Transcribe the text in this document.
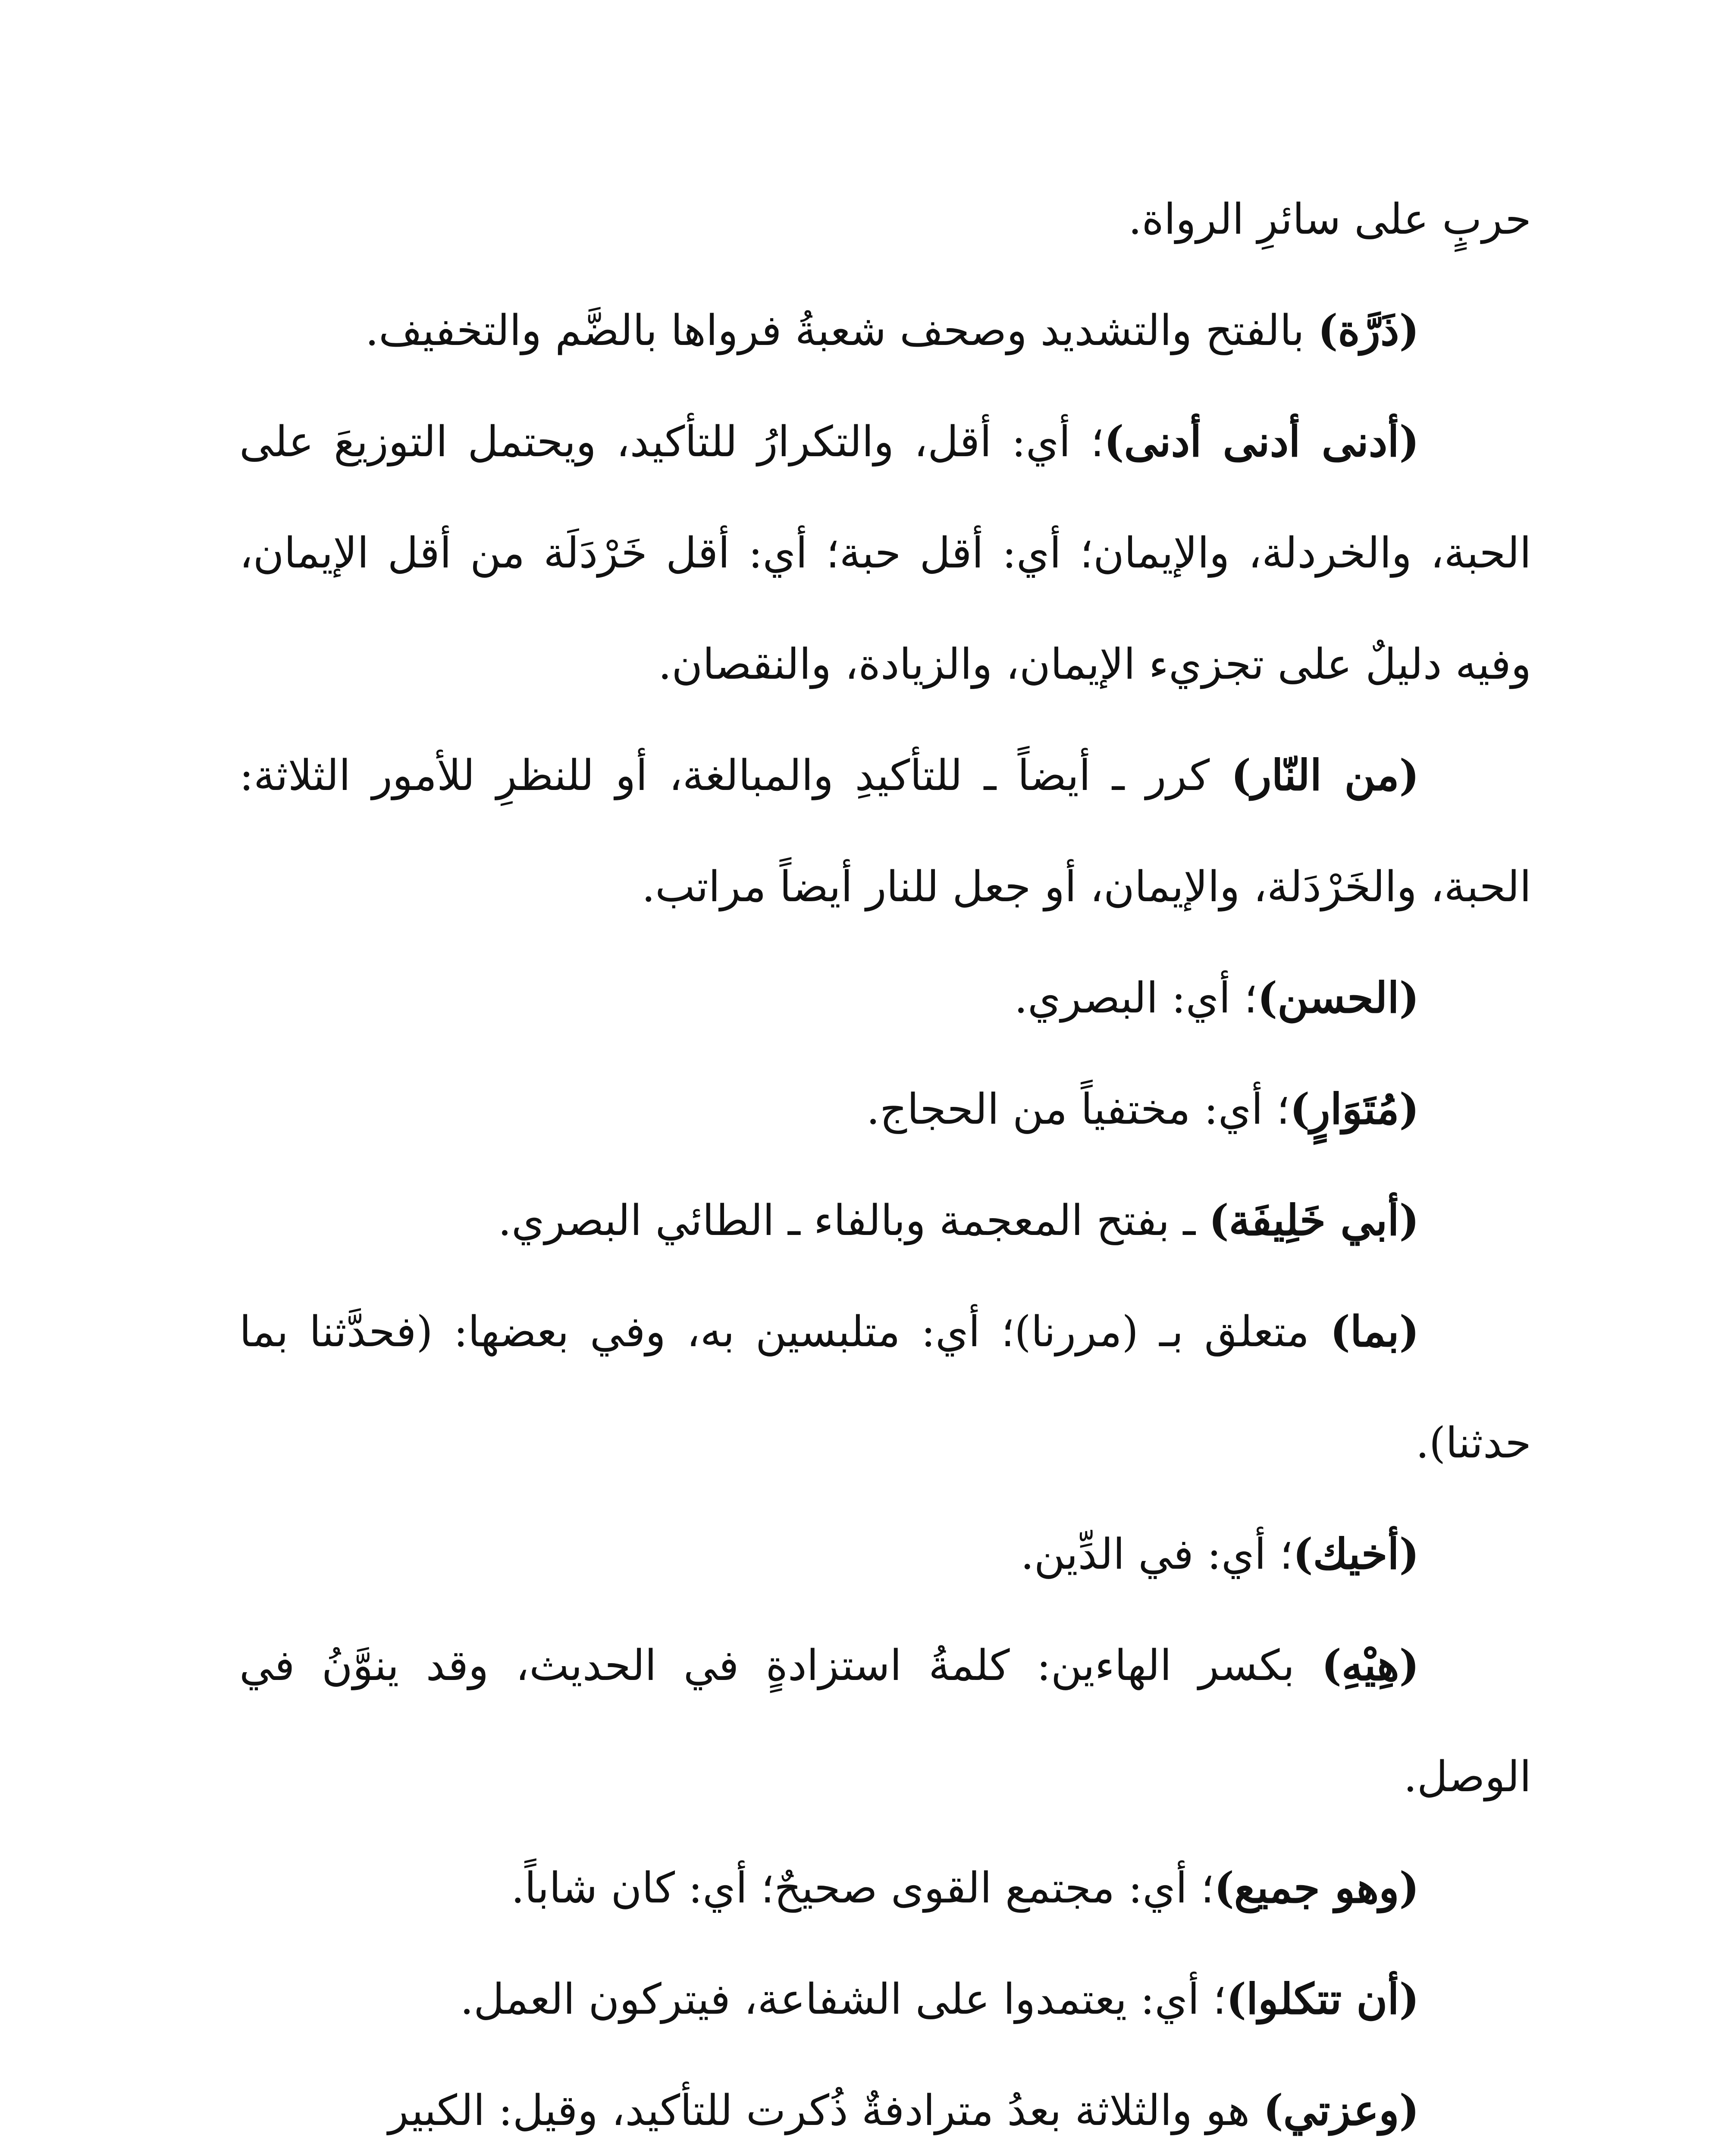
حربٍ على سائرِ الرواة.

(ذَرَّة) بالفتح والتشديد وصحف شعبةُ فرواها بالضَّم والتخفيف.

(أدنى أدنى أدنى)؛ أي: أقل، والتكرارُ للتأكيد، ويحتمل التوزيعَ على الحبة، والخردلة، والإيمان؛ أي: أقل حبة؛ أي: أقل خَرْدَلَة من أقل الإيمان، وفيه دليلٌ على تجزيء الإيمان، والزيادة، والنقصان.

(من النّار) كرر ـ أيضاً ـ للتأكيدِ والمبالغة، أو للنظرِ للأمور الثلاثة: الحبة، والخَرْدَلة، والإيمان، أو جعل للنار أيضاً مراتب.

(الحسن)؛ أي: البصري.

(مُتَوَارٍ)؛ أي: مختفياً من الحجاج.

(أبي خَلِيفَة) ـ بفتح المعجمة وبالفاء ـ الطائي البصري.

(بما) متعلق بـ (مررنا)؛ أي: متلبسين به، وفي بعضها: (فحدَّثنا بما حدثنا).

(أخيك)؛ أي: في الدِّين.

(هِيْهِ) بكسر الهاءين: كلمةُ استزادةٍ في الحديث، وقد ينوَّنُ في الوصل.

(وهو جميع)؛ أي: مجتمع القوى صحيحٌ؛ أي: كان شاباً.

(أن تتكلوا)؛ أي: يعتمدوا على الشفاعة، فيتركون العمل.

(وعزتي) هو والثلاثة بعدُ مترادفةٌ ذُكرت للتأكيد، وقيل: الكبير
